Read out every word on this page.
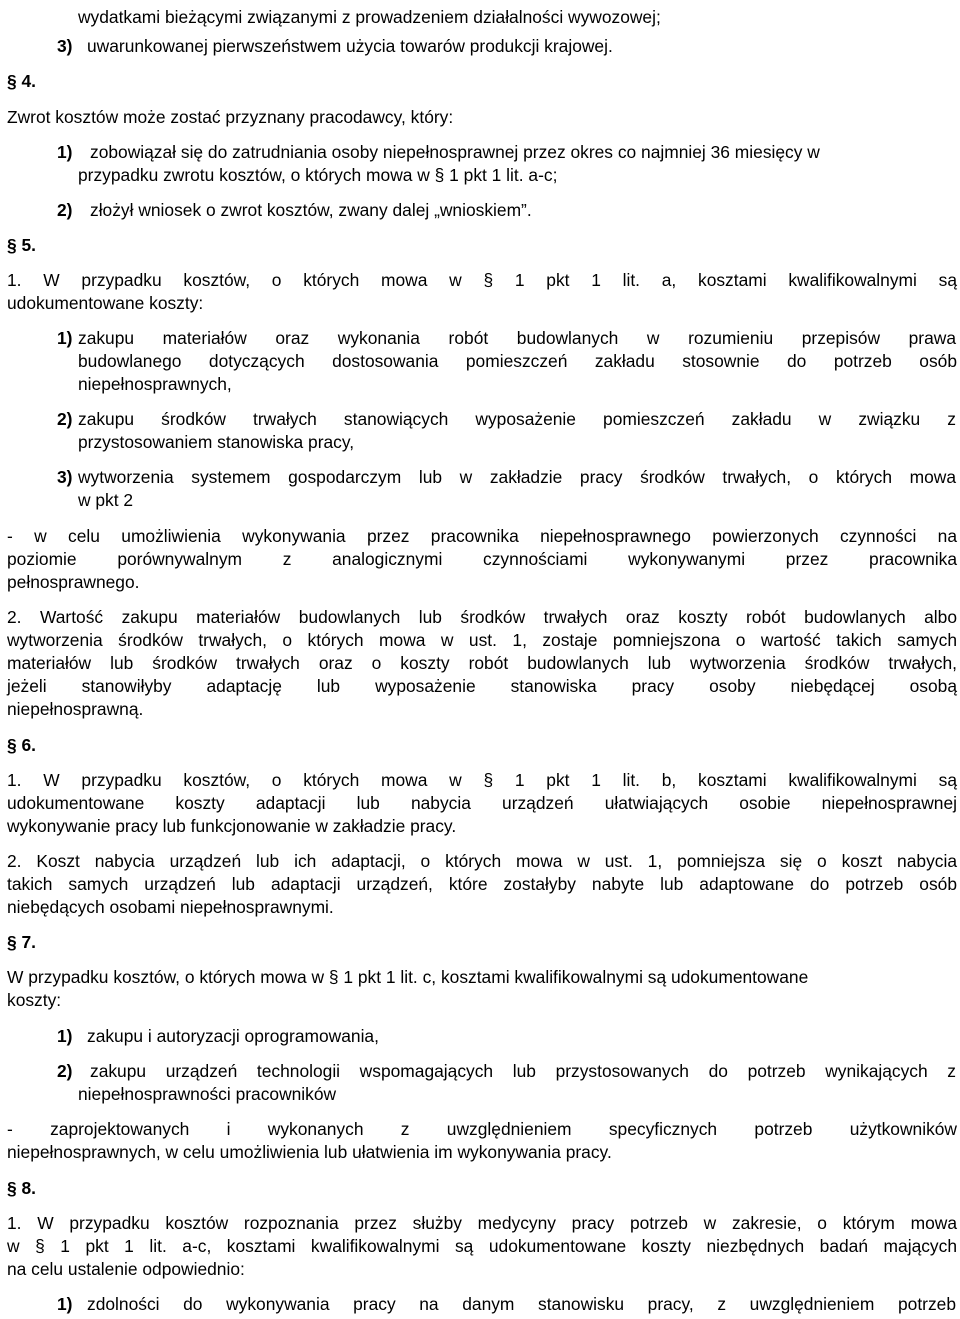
wydatkami bieżącymi związanymi z prowadzeniem działalności wywozowej;
3) uwarunkowanej pierwszeństwem użycia towarów produkcji krajowej.
§ 4.
Zwrot kosztów może zostać przyznany pracodawcy, który:
1) zobowiązał się do zatrudniania osoby niepełnosprawnej przez okres co najmniej 36 miesięcy w
przypadku zwrotu kosztów, o których mowa w § 1 pkt 1 lit. a-c;
2) złożył wniosek o zwrot kosztów, zwany dalej „wnioskiem”.
§ 5.
1. W przypadku kosztów, o których mowa w § 1 pkt 1 lit. a, kosztami kwalifikowalnymi są
udokumentowane koszty:
1) zakupu materiałów oraz wykonania robót budowlanych w rozumieniu przepisów prawa
budowlanego dotyczących dostosowania pomieszczeń zakładu stosownie do potrzeb osób
niepełnosprawnych,
2) zakupu środków trwałych stanowiących wyposażenie pomieszczeń zakładu w związku z
przystosowaniem stanowiska pracy,
3) wytworzenia systemem gospodarczym lub w zakładzie pracy środków trwałych, o których mowa
w pkt 2
- w celu umożliwienia wykonywania przez pracownika niepełnosprawnego powierzonych czynności na
poziomie porównywalnym z analogicznymi czynnościami wykonywanymi przez pracownika
pełnosprawnego.
2. Wartość zakupu materiałów budowlanych lub środków trwałych oraz koszty robót budowlanych albo
wytworzenia środków trwałych, o których mowa w ust. 1, zostaje pomniejszona o wartość takich samych
materiałów lub środków trwałych oraz o koszty robót budowlanych lub wytworzenia środków trwałych,
jeżeli stanowiłyby adaptację lub wyposażenie stanowiska pracy osoby niebędącej osobą
niepełnosprawną.
§ 6.
1. W przypadku kosztów, o których mowa w § 1 pkt 1 lit. b, kosztami kwalifikowalnymi są
udokumentowane koszty adaptacji lub nabycia urządzeń ułatwiających osobie niepełnosprawnej
wykonywanie pracy lub funkcjonowanie w zakładzie pracy.
2. Koszt nabycia urządzeń lub ich adaptacji, o których mowa w ust. 1, pomniejsza się o koszt nabycia
takich samych urządzeń lub adaptacji urządzeń, które zostałyby nabyte lub adaptowane do potrzeb osób
niebędących osobami niepełnosprawnymi.
§ 7.
W przypadku kosztów, o których mowa w § 1 pkt 1 lit. c, kosztami kwalifikowalnymi są udokumentowane
koszty:
1) zakupu i autoryzacji oprogramowania,
2) zakupu urządzeń technologii wspomagających lub przystosowanych do potrzeb wynikających z
niepełnosprawności pracowników
- zaprojektowanych i wykonanych z uwzględnieniem specyficznych potrzeb użytkowników
niepełnosprawnych, w celu umożliwienia lub ułatwienia im wykonywania pracy.
§ 8.
1. W przypadku kosztów rozpoznania przez służby medycyny pracy potrzeb w zakresie, o którym mowa
w § 1 pkt 1 lit. a-c, kosztami kwalifikowalnymi są udokumentowane koszty niezbędnych badań mających
na celu ustalenie odpowiednio:
1) zdolności do wykonywania pracy na danym stanowisku pracy, z uwzględnieniem potrzeb
